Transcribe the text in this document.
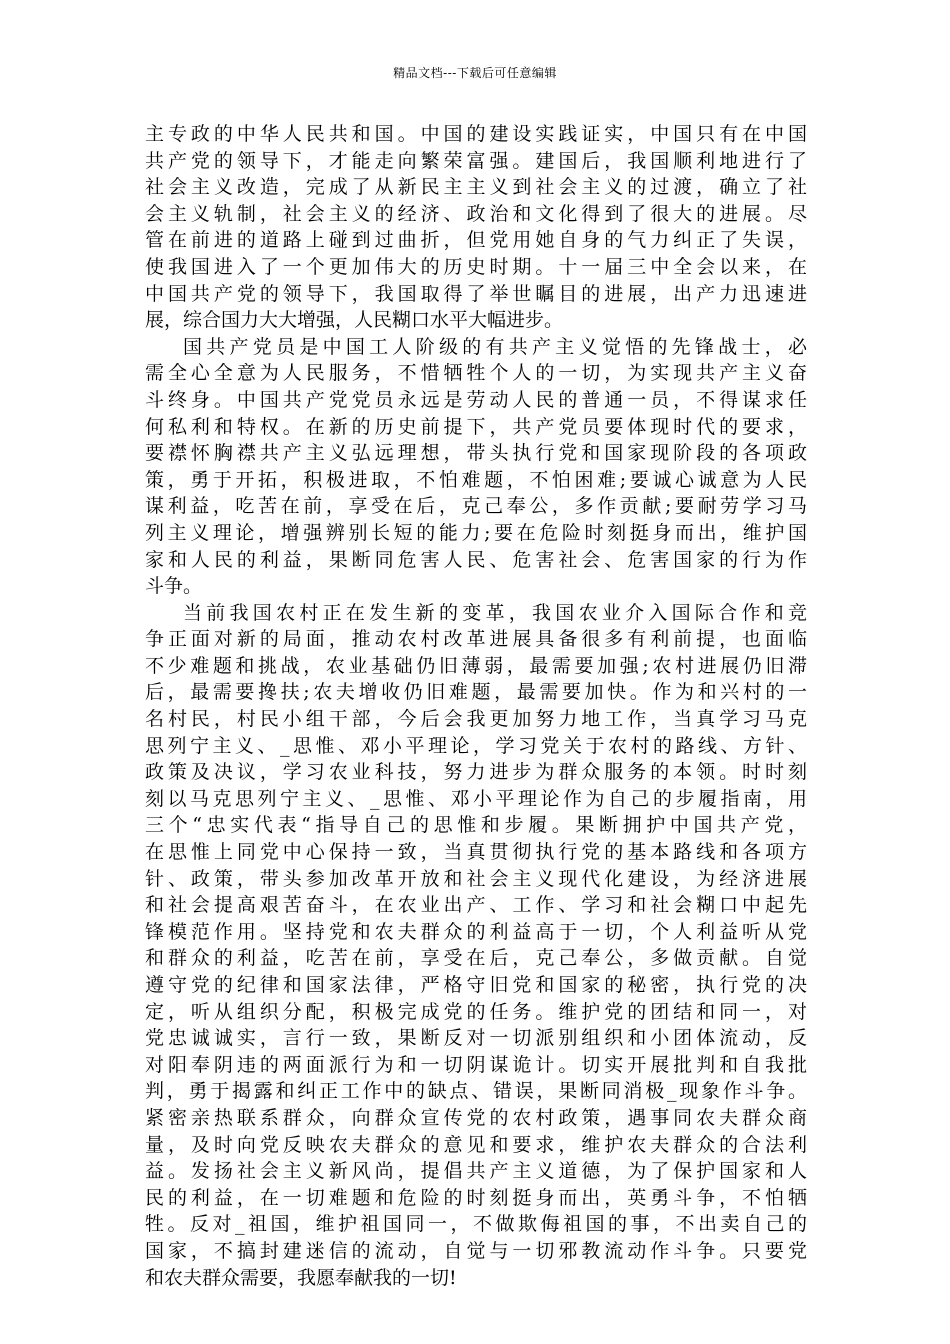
精品文档---下载后可任意编辑
主专政的中华人民共和国。中国的建设实践证实，中国只有在中国
共产党的领导下，才能走向繁荣富强。建国后，我国顺利地进行了
社会主义改造，完成了从新民主主义到社会主义的过渡，确立了社
会主义轨制，社会主义的经济、政治和文化得到了很大的进展。尽
管在前进的道路上碰到过曲折，但党用她自身的气力纠正了失误，
使我国进入了一个更加伟大的历史时期。十一届三中全会以来，在
中国共产党的领导下，我国取得了举世瞩目的进展，出产力迅速进
展，综合国力大大增强，人民糊口水平大幅进步。
国共产党员是中国工人阶级的有共产主义觉悟的先锋战士，必
需全心全意为人民服务，不惜牺牲个人的一切，为实现共产主义奋
斗终身。中国共产党党员永远是劳动人民的普通一员，不得谋求任
何私利和特权。在新的历史前提下，共产党员要体现时代的要求，
要襟怀胸襟共产主义弘远理想，带头执行党和国家现阶段的各项政
策，勇于开拓，积极进取，不怕难题，不怕困难;要诚心诚意为人民
谋利益，吃苦在前，享受在后，克己奉公，多作贡献;要耐劳学习马
列主义理论，增强辨别长短的能力;要在危险时刻挺身而出，维护国
家和人民的利益，果断同危害人民、危害社会、危害国家的行为作
斗争。
当前我国农村正在发生新的变革，我国农业介入国际合作和竞
争正面对新的局面，推动农村改革进展具备很多有利前提，也面临
不少难题和挑战，农业基础仍旧薄弱，最需要加强;农村进展仍旧滞
后，最需要搀扶;农夫增收仍旧难题，最需要加快。作为和兴村的一
名村民，村民小组干部，今后会我更加努力地工作，当真学习马克
思列宁主义、_思惟、邓小平理论，学习党关于农村的路线、方针、
政策及决议，学习农业科技，努力进步为群众服务的本领。时时刻
刻以马克思列宁主义、_思惟、邓小平理论作为自己的步履指南，用
三个“忠实代表“指导自己的思惟和步履。果断拥护中国共产党，
在思惟上同党中心保持一致，当真贯彻执行党的基本路线和各项方
针、政策，带头参加改革开放和社会主义现代化建设，为经济进展
和社会提高艰苦奋斗，在农业出产、工作、学习和社会糊口中起先
锋模范作用。坚持党和农夫群众的利益高于一切，个人利益听从党
和群众的利益，吃苦在前，享受在后，克己奉公，多做贡献。自觉
遵守党的纪律和国家法律，严格守旧党和国家的秘密，执行党的决
定，听从组织分配，积极完成党的任务。维护党的团结和同一，对
党忠诚诚实，言行一致，果断反对一切派别组织和小团体流动，反
对阳奉阴违的两面派行为和一切阴谋诡计。切实开展批判和自我批
判，勇于揭露和纠正工作中的缺点、错误，果断同消极_现象作斗争。
紧密亲热联系群众，向群众宣传党的农村政策，遇事同农夫群众商
量，及时向党反映农夫群众的意见和要求，维护农夫群众的合法利
益。发扬社会主义新风尚，提倡共产主义道德，为了保护国家和人
民的利益，在一切难题和危险的时刻挺身而出，英勇斗争，不怕牺
牲。反对_祖国，维护祖国同一，不做欺侮祖国的事，不出卖自己的
国家，不搞封建迷信的流动，自觉与一切邪教流动作斗争。只要党
和农夫群众需要，我愿奉献我的一切!
